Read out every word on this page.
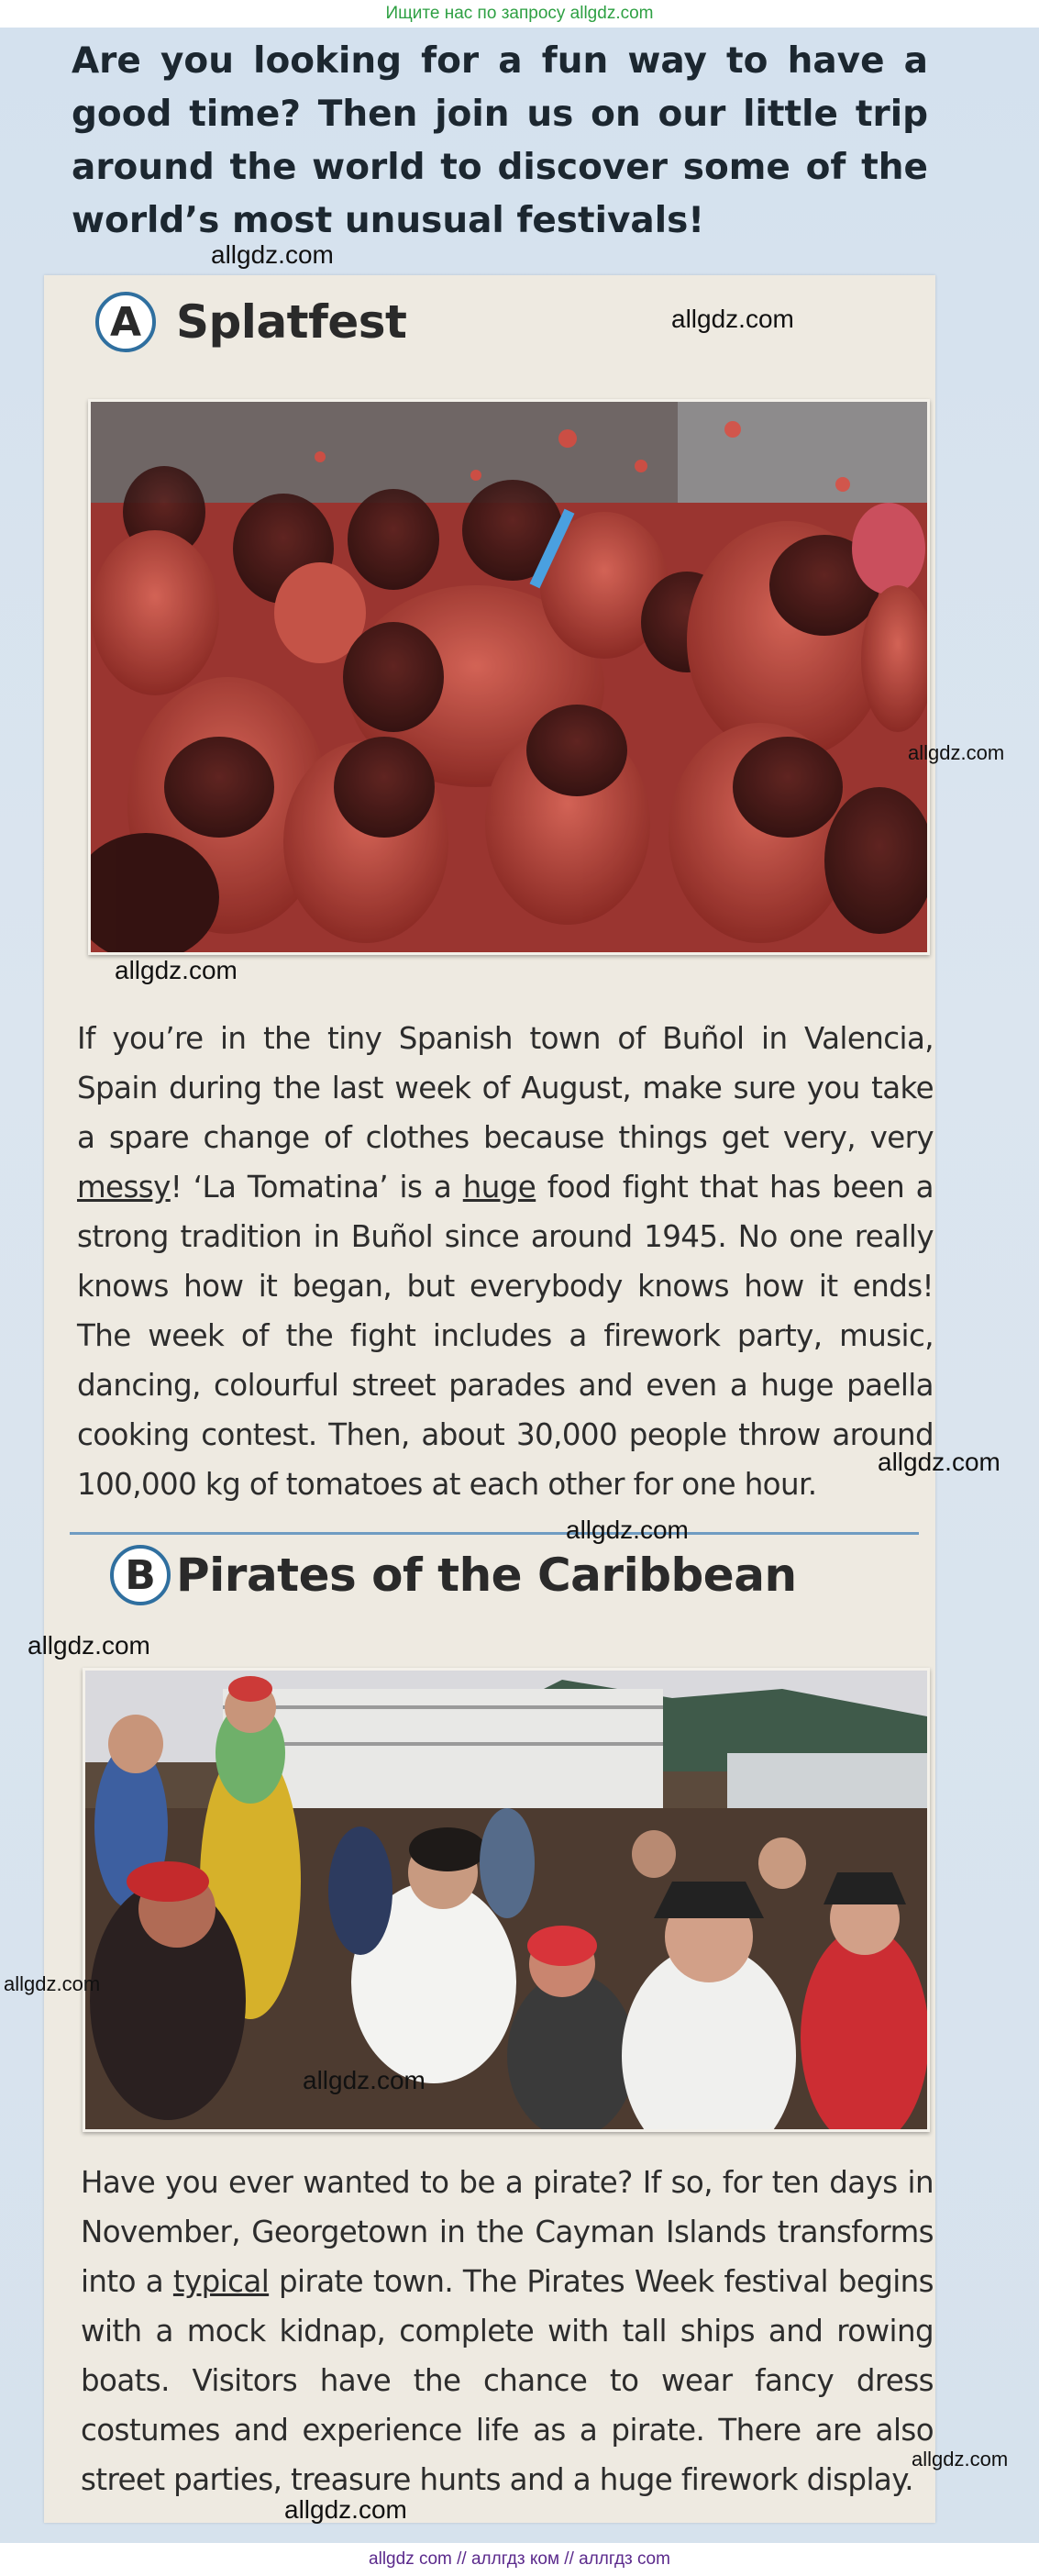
Ищите нас по запросу allgdz.com
Are you looking for a fun way to have a good time? Then join us on our little trip around the world to discover some of the world’s most unusual festivals!
A Splatfest
If you’re in the tiny Spanish town of Buñol in Valencia, Spain during the last week of August, make sure you take a spare change of clothes because things get very, very messy! ‘La Tomatina’ is a huge food fight that has been a strong tradition in Buñol since around 1945. No one really knows how it began, but everybody knows how it ends! The week of the fight includes a firework party, music, dancing, colourful street parades and even a huge paella cooking contest. Then, about 30,000 people throw around 100,000 kg of tomatoes at each other for one hour.
B Pirates of the Caribbean
Have you ever wanted to be a pirate? If so, for ten days in November, Georgetown in the Cayman Islands transforms into a typical pirate town. The Pirates Week festival begins with a mock kidnap, complete with tall ships and rowing boats. Visitors have the chance to wear fancy dress costumes and experience life as a pirate. There are also street parties, treasure hunts and a huge firework display.
allgdz.com
allgdz.com
allgdz.com
allgdz.com
allgdz.com
allgdz.com
allgdz.com
allgdz.com
allgdz.com
allgdz.com
allgdz.com
allgdz com // аллгдз ком // аллгдз com
